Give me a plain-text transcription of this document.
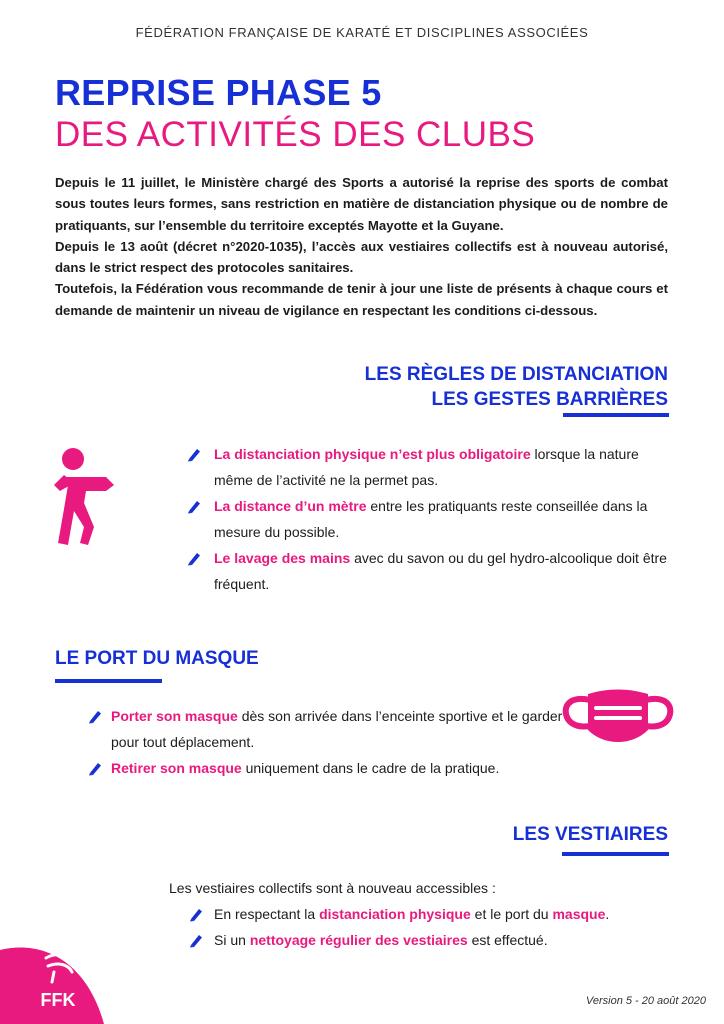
FÉDÉRATION FRANÇAISE DE KARATÉ ET DISCIPLINES ASSOCIÉES
REPRISE PHASE 5
DES ACTIVITÉS DES CLUBS

Depuis le 11 juillet, le Ministère chargé des Sports a autorisé la reprise des sports de combat sous toutes leurs formes, sans restriction en matière de distanciation physique ou de nombre de pratiquants, sur l’ensemble du territoire exceptés Mayotte et la Guyane.

Depuis le 13 août (décret n°2020-1035), l’accès aux vestiaires collectifs est à nouveau autorisé, dans le strict respect des protocoles sanitaires.

Toutefois, la Fédération vous recommande de tenir à jour une liste de présents à chaque cours et demande de maintenir un niveau de vigilance en respectant les conditions ci-dessous.

LES RÈGLES DE DISTANCIATION
LES GESTES BARRIÈRES
La distanciation physique n’est plus obligatoire lorsque la nature même de l’activité ne la permet pas.
La distance d’un mètre entre les pratiquants reste conseillée dans la mesure du possible.
Le lavage des mains avec du savon ou du gel hydro-alcoolique doit être fréquent.
LE PORT DU MASQUE
Porter son masque dès son arrivée dans l’enceinte sportive et le garder pour tout déplacement.
Retirer son masque uniquement dans le cadre de la pratique.
LES VESTIAIRES
Les vestiaires collectifs sont à nouveau accessibles :
En respectant la distanciation physique et le port du masque.
Si un nettoyage régulier des vestiaires est effectué.
FFK	Version 5 - 20 août 2020
